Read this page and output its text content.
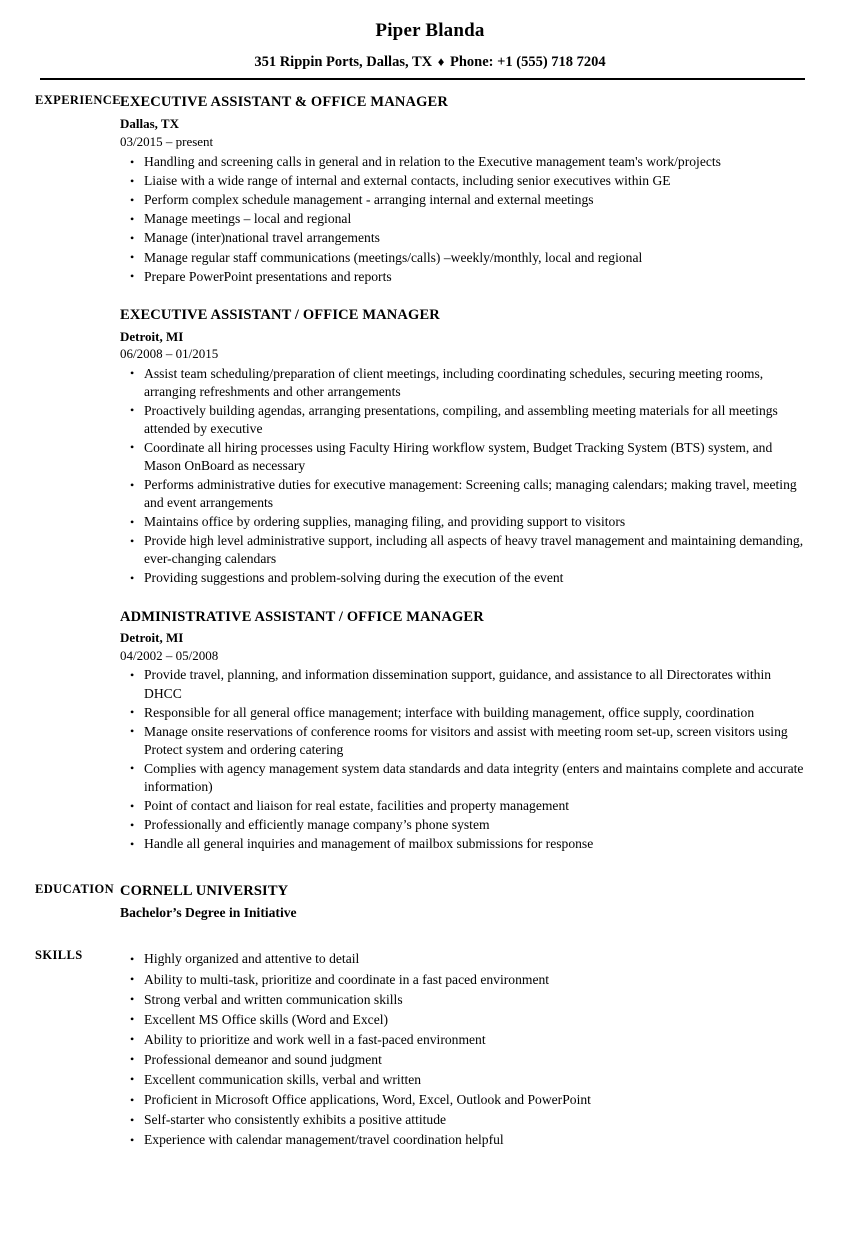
Piper Blanda
351 Rippin Ports, Dallas, TX ♦ Phone: +1 (555) 718 7204
EXPERIENCE EXECUTIVE ASSISTANT & OFFICE MANAGER
Dallas, TX
03/2015 – present
• Handling and screening calls in general and in relation to the Executive management team's work/projects
• Liaise with a wide range of internal and external contacts, including senior executives within GE
• Perform complex schedule management - arranging internal and external meetings
• Manage meetings – local and regional
• Manage (inter)national travel arrangements
• Manage regular staff communications (meetings/calls) –weekly/monthly, local and regional
• Prepare PowerPoint presentations and reports
EXECUTIVE ASSISTANT / OFFICE MANAGER
Detroit, MI
06/2008 – 01/2015
• Assist team scheduling/preparation of client meetings, including coordinating schedules, securing meeting rooms, arranging refreshments and other arrangements
• Proactively building agendas, arranging presentations, compiling, and assembling meeting materials for all meetings attended by executive
• Coordinate all hiring processes using Faculty Hiring workflow system, Budget Tracking System (BTS) system, and Mason OnBoard as necessary
• Performs administrative duties for executive management: Screening calls; managing calendars; making travel, meeting and event arrangements
• Maintains office by ordering supplies, managing filing, and providing support to visitors
• Provide high level administrative support, including all aspects of heavy travel management and maintaining demanding, ever-changing calendars
• Providing suggestions and problem-solving during the execution of the event
ADMINISTRATIVE ASSISTANT / OFFICE MANAGER
Detroit, MI
04/2002 – 05/2008
• Provide travel, planning, and information dissemination support, guidance, and assistance to all Directorates within DHCC
• Responsible for all general office management; interface with building management, office supply, coordination
• Manage onsite reservations of conference rooms for visitors and assist with meeting room set-up, screen visitors using Protect system and ordering catering
• Complies with agency management system data standards and data integrity (enters and maintains complete and accurate information)
• Point of contact and liaison for real estate, facilities and property management
• Professionally and efficiently manage company’s phone system
• Handle all general inquiries and management of mailbox submissions for response
EDUCATION CORNELL UNIVERSITY
Bachelor’s Degree in Initiative
SKILLS	• Highly organized and attentive to detail
• Ability to multi-task, prioritize and coordinate in a fast paced environment
• Strong verbal and written communication skills
• Excellent MS Office skills (Word and Excel)
• Ability to prioritize and work well in a fast-paced environment
• Professional demeanor and sound judgment
• Excellent communication skills, verbal and written
• Proficient in Microsoft Office applications, Word, Excel, Outlook and PowerPoint
• Self-starter who consistently exhibits a positive attitude
• Experience with calendar management/travel coordination helpful
